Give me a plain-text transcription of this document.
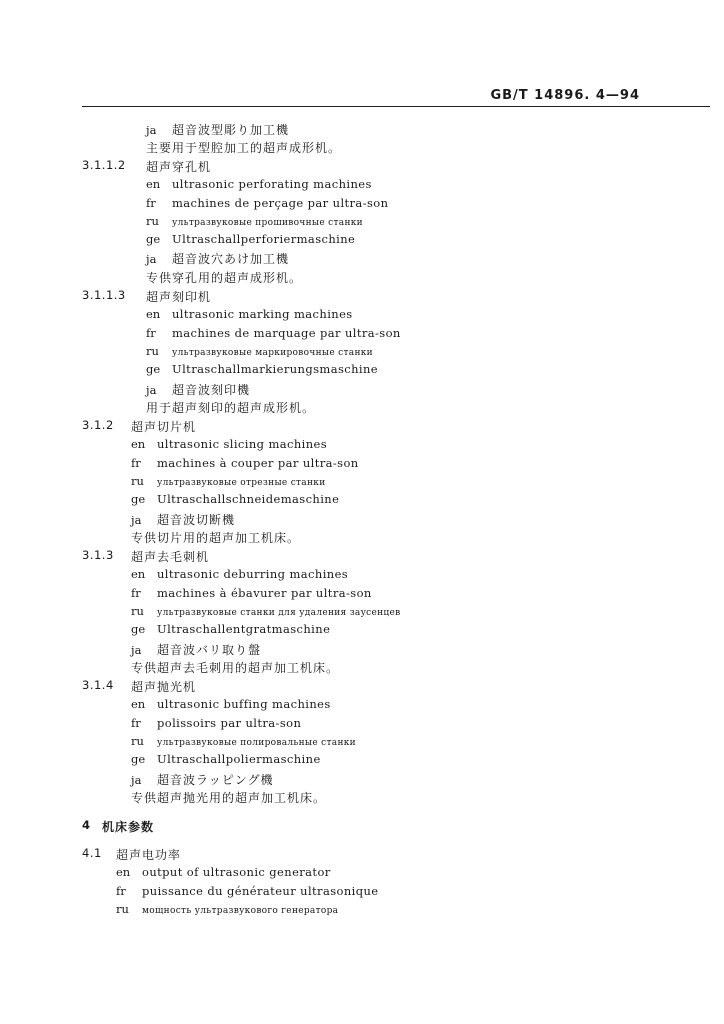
GB/T 14896. 4—94
ja 超音波型彫り加工機
主要用于型腔加工的超声成形机。
3.1.1.2 超声穿孔机
en ultrasonic perforating machines
fr machines de perçage par ultra-son
ru ультразвуковые прошивочные станки
ge Ultraschallperforiermaschine
ja 超音波穴あけ加工機
专供穿孔用的超声成形机。
3.1.1.3 超声刻印机
en ultrasonic marking machines
fr machines de marquage par ultra-son
ru ультразвуковые маркировочные станки
ge Ultraschallmarkierungsmaschine
ja 超音波刻印機
用于超声刻印的超声成形机。
3.1.2 超声切片机
en ultrasonic slicing machines
fr machines à couper par ultra-son
ru ультразвуковые отрезные станки
ge Ultraschallschneidemaschine
ja 超音波切断機
专供切片用的超声加工机床。
3.1.3 超声去毛刺机
en ultrasonic deburring machines
fr machines à ébavurer par ultra-son
ru ультразвуковые станки для удаления заусенцев
ge Ultraschallentgratmaschine
ja 超音波バリ取り盤
专供超声去毛刺用的超声加工机床。
3.1.4 超声抛光机
en ultrasonic buffing machines
fr polissoirs par ultra-son
ru ультразвуковые полировальные станки
ge Ultraschallpoliermaschine
ja 超音波ラッピング機
专供超声抛光用的超声加工机床。
4 机床参数
4.1 超声电功率
en output of ultrasonic generator
fr puissance du générateur ultrasonique
ru мощность ультразвукового генератора
